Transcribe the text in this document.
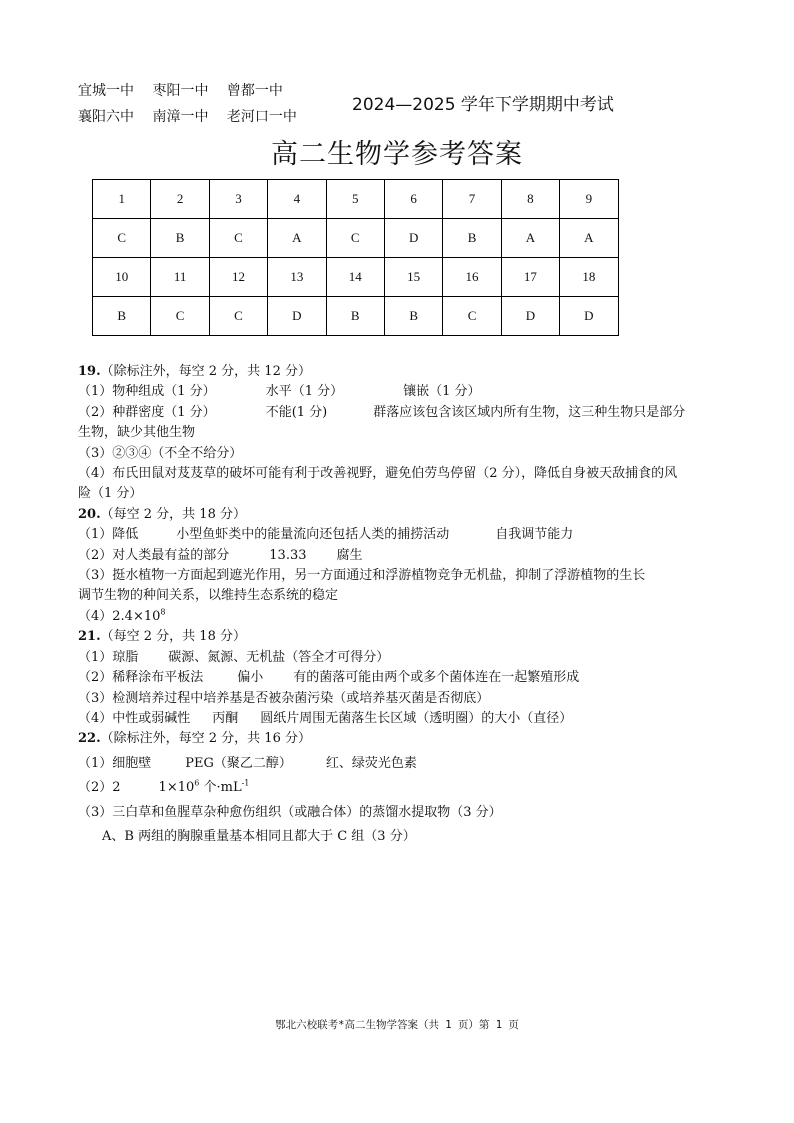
宜城一中 枣阳一中 曾都一中
襄阳六中 南漳一中 老河口一中
2024—2025 学年下学期期中考试
高二生物学参考答案
1	2	3	4	5	6	7	8	9
C	B	C	A	C	D	B	A	A
10	11	12	13	14	15	16	17	18
B	C	C	D	B	B	C	D	D

19.（除标注外，每空 2 分，共 12 分）

（1）物种组成（1 分）	水平（1 分）	镶嵌（1 分）

（2）种群密度（1 分）	不能(1 分)	群落应该包含该区域内所有生物，这三种生物只是部分

生物，缺少其他生物

（3）②③④（不全不给分）

（4）布氏田鼠对芨芨草的破坏可能有利于改善视野，避免伯劳鸟停留（2 分），降低自身被天敌捕食的风

险（1 分）

20.（每空 2 分，共 18 分）

（1）降低	小型鱼虾类中的能量流向还包括人类的捕捞活动	自我调节能力

（2）对人类最有益的部分	13.33 腐生

（3）挺水植物一方面起到遮光作用，另一方面通过和浮游植物竞争无机盐，抑制了浮游植物的生长

调节生物的种间关系，以维持生态系统的稳定

$(4)2.4\times 10^8$

21.（每空 2 分，共 18 分）

（1）琼脂 碳源、氮源、无机盐（答全才可得分）

（2）稀释涂布平板法	偏小 有的菌落可能由两个或多个菌体连在一起繁殖形成

（3）检测培养过程中培养基是否被杂菌污染（或培养基灭菌是否彻底）

（4）中性或弱碱性 丙酮 圆纸片周围无菌落生长区域（透明圈）的大小（直径）

22.（除标注外，每空 2 分，共 16 分）

（1）细胞壁	PEG（聚乙二醇）	红、绿荧光色素

（2）2	$1\times 10^6$ 个$\cdot mL^{-1}$

（3）三白草和鱼腥草杂种愈伤组织（或融合体）的蒸馏水提取物（3 分）

A、B 两组的胸腺重量基本相同且都大于 C 组（3 分）

鄂北六校联考*高二生物学答案（共 1 页）第 1 页
